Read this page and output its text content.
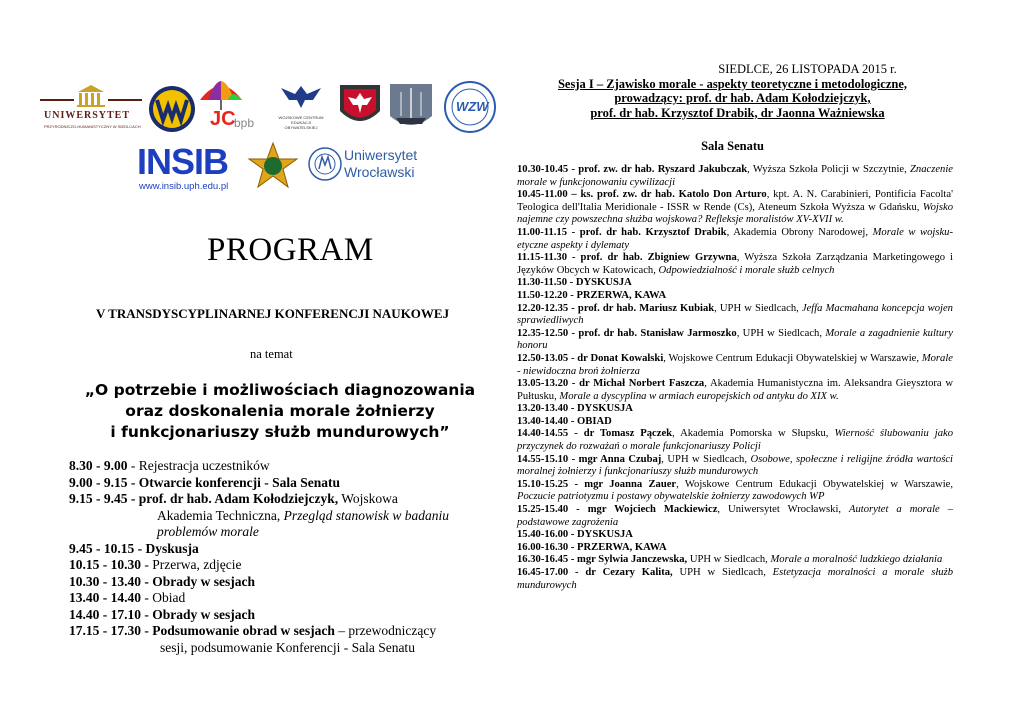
UNIWERSYTET
PRZYRODNICZO-HUMANISTYCZNY W SIEDLCACH	JC
bpb	WOJSKOWE CENTRUM EDUKACJI OBYWATELSKIEJ
WZW
INSIB
www.insib.uph.edu.pl
Uniwersytet
Wrocławski
PROGRAM
V TRANSDYSCYPLINARNEJ KONFERENCJI NAUKOWEJ
na temat
„O potrzebie i możliwościach diagnozowania
oraz doskonalenia morale żołnierzy
i funkcjonariuszy służb mundurowych”
8.30 - 9.00 - Rejestracja uczestników
9.00 - 9.15 - Otwarcie konferencji - Sala Senatu
9.15 - 9.45 - prof. dr hab. Adam Kołodziejczyk, Wojskowa
Akademia Techniczna, Przegląd stanowisk w badaniu
problemów morale
9.45 - 10.15 - Dyskusja
10.15 - 10.30 - Przerwa, zdjęcie
10.30 - 13.40 - Obrady w sesjach
13.40 - 14.40 - Obiad
14.40 - 17.10 - Obrady w sesjach
17.15 - 17.30 - Podsumowanie obrad w sesjach – przewodniczący
sesji, podsumowanie Konferencji - Sala Senatu
SIEDLCE, 26 LISTOPADA 2015 r.
Sesja I – Zjawisko morale - aspekty teoretyczne i metodologiczne,
prowadzący: prof. dr hab. Adam Kołodziejczyk,
prof. dr hab. Krzysztof Drabik, dr Jaonna Ważniewska
Sala Senatu

10.30-10.45 - prof. zw. dr hab. Ryszard Jakubczak, Wyższa Szkoła Policji w Szczytnie, Znaczenie morale w funkcjonowaniu cywilizacji

10.45-11.00 – ks. prof. zw. dr hab. Katolo Don Arturo, kpt. A. N. Carabinieri, Pontificia Facolta' Teologica dell'Italia Meridionale - ISSR w Rende (Cs), Ateneum Szkoła Wyższa w Gdańsku, Wojsko najemne czy powszechna służba wojskowa? Refleksje moralistów XV-XVII w.

11.00-11.15 - prof. dr hab. Krzysztof Drabik, Akademia Obrony Narodowej, Morale w wojsku- etyczne aspekty i dylematy

11.15-11.30 - prof. dr hab. Zbigniew Grzywna, Wyższa Szkoła Zarządzania Marketingowego i Języków Obcych w Katowicach, Odpowiedzialność i morale służb celnych

11.30-11.50 - DYSKUSJA

11.50-12.20 - PRZERWA, KAWA

12.20-12.35 - prof. dr hab. Mariusz Kubiak, UPH w Siedlcach, Jeffa Macmahana koncepcja wojen sprawiedliwych

12.35-12.50 - prof. dr hab. Stanisław Jarmoszko, UPH w Siedlcach, Morale a zagadnienie kultury honoru

12.50-13.05 - dr Donat Kowalski, Wojskowe Centrum Edukacji Obywatelskiej w Warszawie, Morale - niewidoczna broń żołnierza

13.05-13.20 - dr Michał Norbert Faszcza, Akademia Humanistyczna im. Aleksandra Gieysztora w Pułtusku, Morale a dyscyplina w armiach europejskich od antyku do XIX w.

13.20-13.40 - DYSKUSJA

13.40-14.40 - OBIAD

14.40-14.55 - dr Tomasz Pączek, Akademia Pomorska w Słupsku, Wierność ślubowaniu jako przyczynek do rozważań o morale funkcjonariuszy Policji

14.55-15.10 - mgr Anna Czubaj, UPH w Siedlcach, Osobowe, społeczne i religijne źródła wartości moralnej żołnierzy i funkcjonariuszy służb mundurowych

15.10-15.25 - mgr Joanna Zauer, Wojskowe Centrum Edukacji Obywatelskiej w Warszawie, Poczucie patriotyzmu i postawy obywatelskie żołnierzy zawodowych WP

15.25-15.40 - mgr Wojciech Mackiewicz, Uniwersytet Wrocławski, Autorytet a morale – podstawowe zagrożenia

15.40-16.00 - DYSKUSJA

16.00-16.30 - PRZERWA, KAWA

16.30-16.45 - mgr Sylwia Janczewska, UPH w Siedlcach, Morale a moralność ludzkiego działania

16.45-17.00 - dr Cezary Kalita, UPH w Siedlcach, Estetyzacja moralności a morale służb mundurowych
